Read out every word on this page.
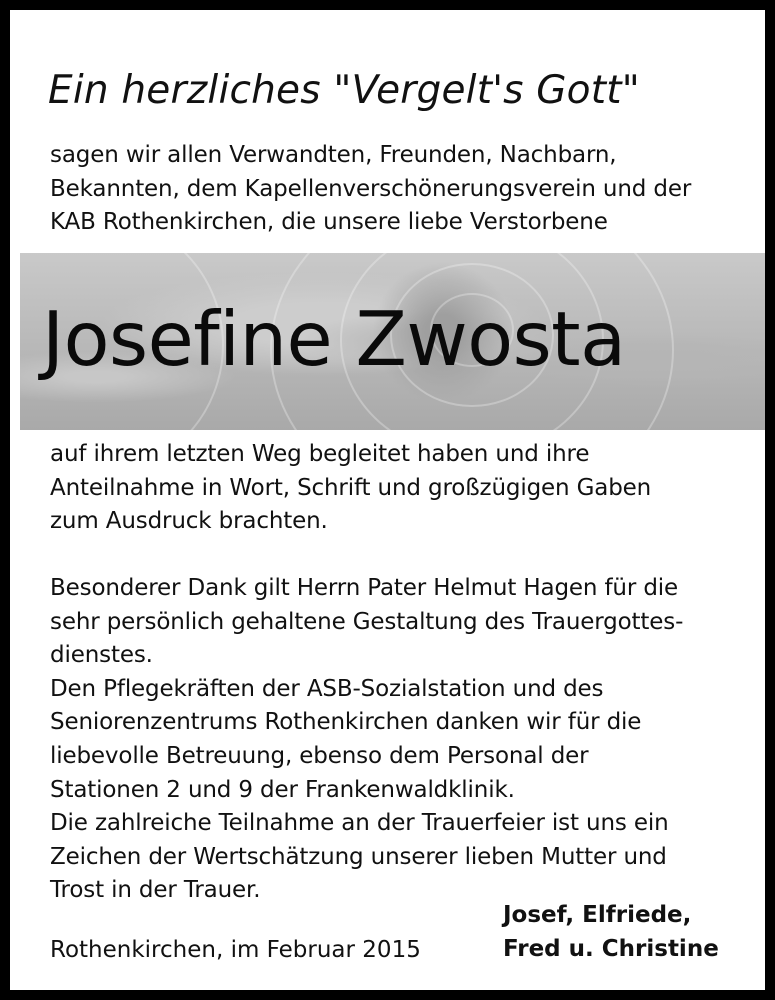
Ein herzliches "Vergelt's Gott"
sagen wir allen Verwandten, Freunden, Nachbarn,
Bekannten, dem Kapellenverschönerungsverein und der
KAB Rothenkirchen, die unsere liebe Verstorbene
Josefine Zwosta
auf ihrem letzten Weg begleitet haben und ihre
Anteilnahme in Wort, Schrift und großzügigen Gaben
zum Ausdruck brachten.
Besonderer Dank gilt Herrn Pater Helmut Hagen für die
sehr persönlich gehaltene Gestaltung des Trauergottes-
dienstes.
Den Pflegekräften der ASB-Sozialstation und des
Seniorenzentrums Rothenkirchen danken wir für die
liebevolle Betreuung, ebenso dem Personal der
Stationen 2 und 9 der Frankenwaldklinik.
Die zahlreiche Teilnahme an der Trauerfeier ist uns ein
Zeichen der Wertschätzung unserer lieben Mutter und
Trost in der Trauer.
Rothenkirchen, im Februar 2015
Josef, Elfriede,
Fred u. Christine
